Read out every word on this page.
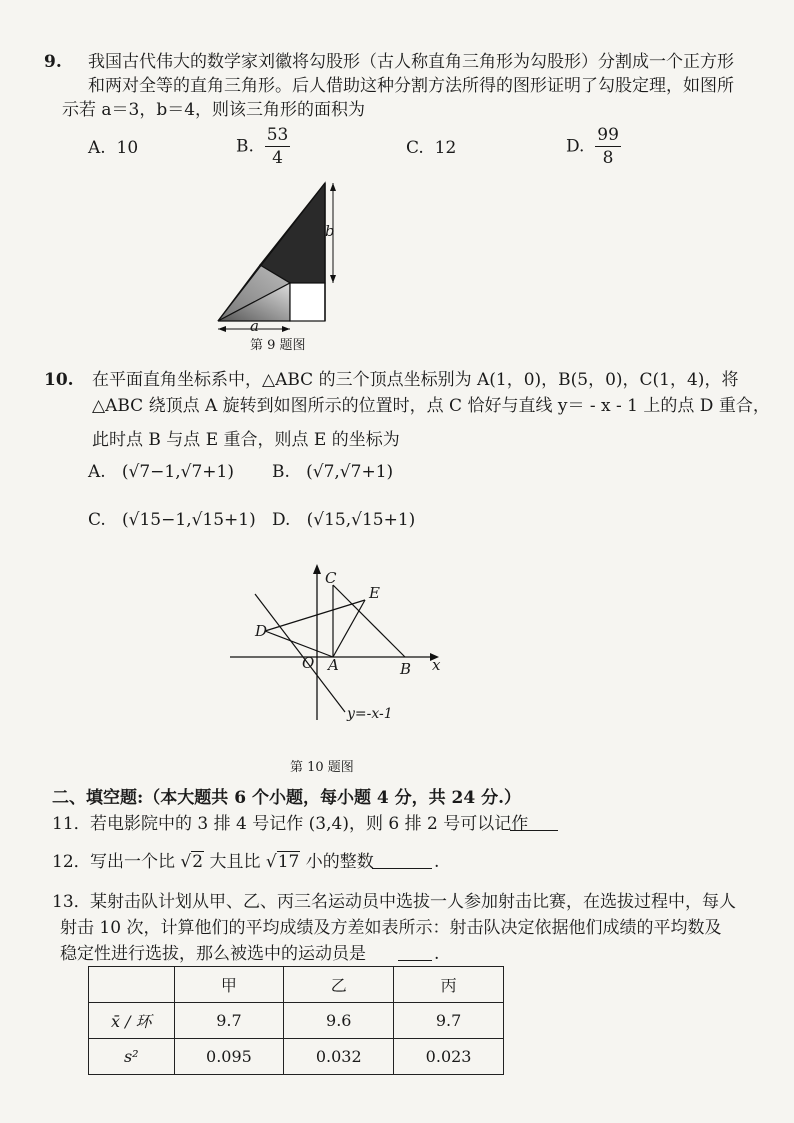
9. 我国古代伟大的数学家刘徽将勾股形（古人称直角三角形为勾股形）分割成一个正方形
和两对全等的直角三角形。后人借助这种分割方法所得的图形证明了勾股定理，如图所
示若 a＝3，b＝4，则该三角形的面积为
A. 10	B. $\frac{53}{4}$	C. 12	D. $\frac{99}{8}$
b
a
第 9 题图
10. 在平面直角坐标系中，△ABC 的三个顶点坐标别为 A(1，0)，B(5，0)，C(1，4)，将
△ABC 绕顶点 A 旋转到如图所示的位置时，点 C 恰好与直线 y＝ - x - 1 上的点 D 重合，
此时点 B 与点 E 重合，则点 E 的坐标为
A. (√7−1,√7+1) B. (√7,√7+1)
C. (√15−1,√15+1) D. (√15,√15+1)
C
E
D
O A	B x
y=-x-1
第 10 题图
二、填空题:（本大题共 6 个小题，每小题 4 分，共 24 分.）
11． 若电影院中的 3 排 4 号记作 (3,4)，则 6 排 2 号可以记作
12． 写出一个比 √2 大且比 √17 小的整数	.
13． 某射击队计划从甲、乙、丙三名运动员中选拔一人参加射击比赛，在选拔过程中，每人
射击 10 次，计算他们的平均成绩及方差如表所示：射击队决定依据他们成绩的平均数及
稳定性进行选拔，那么被选中的运动员是	.
	甲	乙	丙
x̄ / 环	9.7	9.6	9.7
s²	0.095	0.032	0.023
